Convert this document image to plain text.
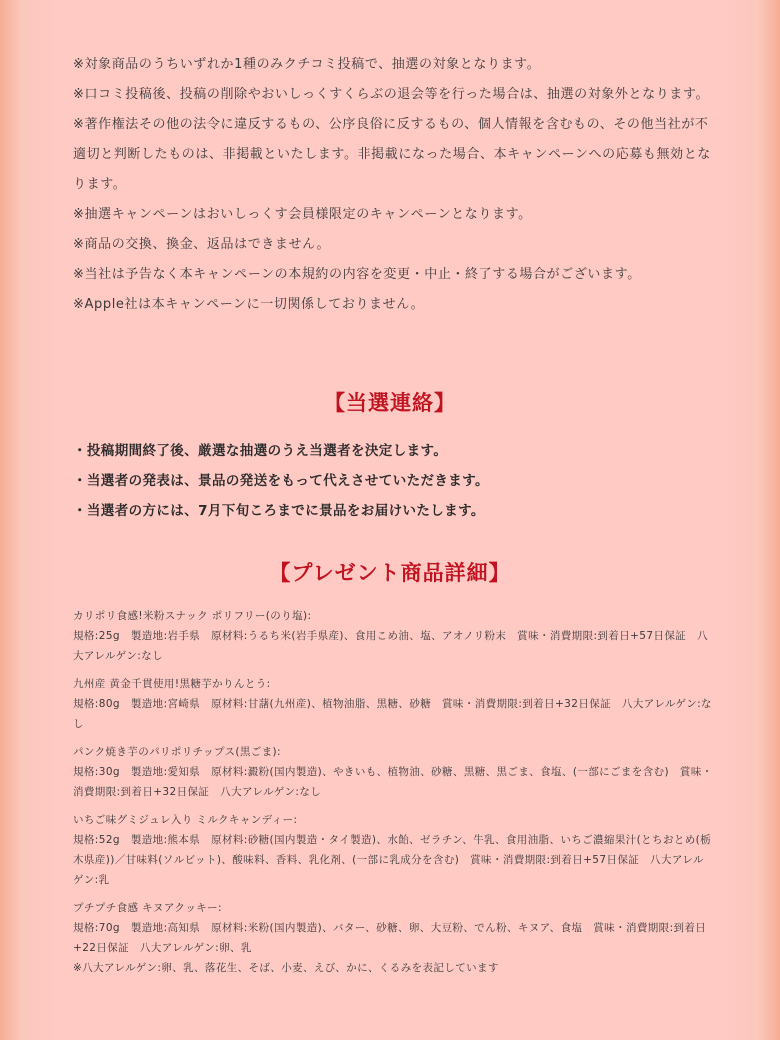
※対象商品のうちいずれか1種のみクチコミ投稿で、抽選の対象となります。

※口コミ投稿後、投稿の削除やおいしっくすくらぶの退会等を行った場合は、抽選の対象外となります。

※著作権法その他の法令に違反するもの、公序良俗に反するもの、個人情報を含むもの、その他当社が不適切と判断したものは、非掲載といたします。非掲載になった場合、本キャンペーンへの応募も無効となります。

※抽選キャンペーンはおいしっくす会員様限定のキャンペーンとなります。

※商品の交換、換金、返品はできません。

※当社は予告なく本キャンペーンの本規約の内容を変更・中止・終了する場合がございます。

※Apple社は本キャンペーンに一切関係しておりません。

【当選連絡】

・投稿期間終了後、厳選な抽選のうえ当選者を決定します。

・当選者の発表は、景品の発送をもって代えさせていただきます。

・当選者の方には、7月下旬ころまでに景品をお届けいたします。

【プレゼント商品詳細】

カリポリ食感!米粉スナック ポリフリー(のり塩):

規格:25g　製造地:岩手県　原材料:うるち米(岩手県産)、食用こめ油、塩、アオノリ粉末　賞味・消費期限:到着日+57日保証　八大アレルゲン:なし

九州産 黄金千貫使用!黒糖芋かりんとう:

規格:80g　製造地:宮崎県　原材料:甘藷(九州産)、植物油脂、黒糖、砂糖　賞味・消費期限:到着日+32日保証　八大アレルゲン:なし

パンク焼き芋のパリポリチップス(黒ごま):

規格:30g　製造地:愛知県　原材料:澱粉(国内製造)、やきいも、植物油、砂糖、黒糖、黒ごま、食塩、(一部にごまを含む)　賞味・消費期限:到着日+32日保証　八大アレルゲン:なし

いちご味グミジュレ入り ミルクキャンディー:

規格:52g　製造地:熊本県　原材料:砂糖(国内製造・タイ製造)、水飴、ゼラチン、牛乳、食用油脂、いちご濃縮果汁(とちおとめ(栃木県産))／甘味料(ソルビット)、酸味料、香料、乳化剤、(一部に乳成分を含む)　賞味・消費期限:到着日+57日保証　八大アレルゲン:乳

プチプチ食感 キヌアクッキー:

規格:70g　製造地:高知県　原材料:米粉(国内製造)、バター、砂糖、卵、大豆粉、でん粉、キヌア、食塩　賞味・消費期限:到着日+22日保証　八大アレルゲン:卵、乳

※八大アレルゲン:卵、乳、落花生、そば、小麦、えび、かに、くるみを表記しています
